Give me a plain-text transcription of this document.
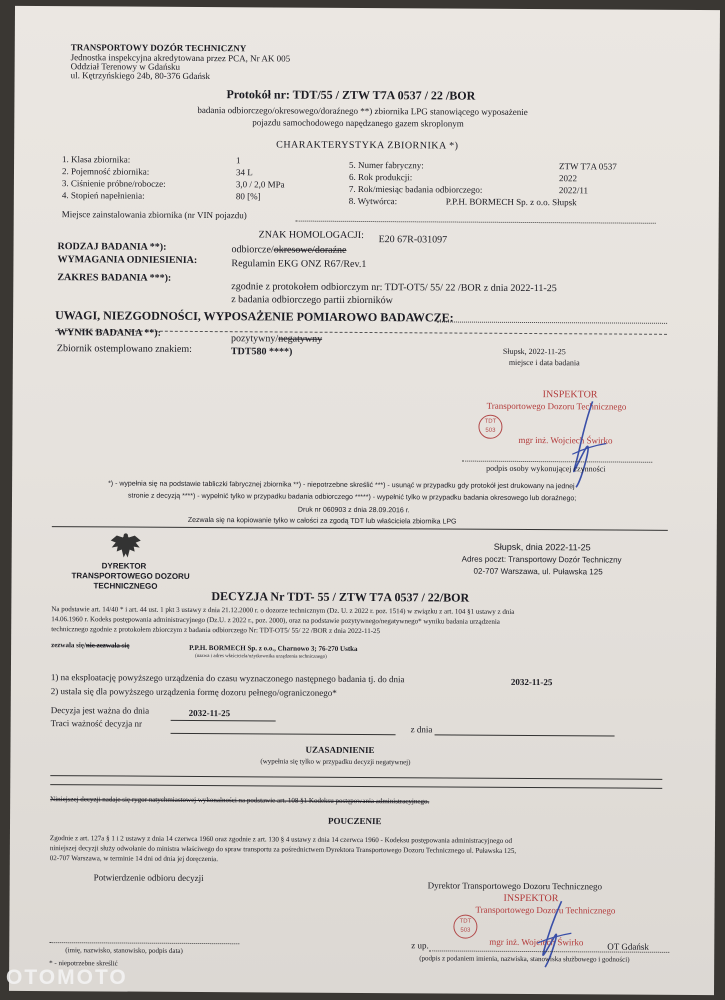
TRANSPORTOWY DOZÓR TECHNICZNY
Jednostka inspekcyjna akredytowana przez PCA, Nr AK 005
Oddział Terenowy w Gdańsku
ul. Kętrzyńskiego 24b, 80-376 Gdańsk
Protokół nr: TDT/55 / ZTW T7A 0537 / 22 /BOR
badania odbiorczego/okresowego/doraźnego **) zbiornika LPG stanowiącego wyposażenie
pojazdu samochodowego napędzanego gazem skroplonym
CHARAKTERYSTYKA ZBIORNIKA *)
1. Klasa zbiornika:	1
2. Pojemność zbiornika:	34 L
3. Ciśnienie próbne/robocze:	3,0 / 2,0 MPa
4. Stopień napełnienia:	80 [%]
5. Numer fabryczny:	ZTW T7A 0537
6. Rok produkcji:	2022
7. Rok/miesiąc badania odbiorczego:	2022/11
8. Wytwórca:	P.P.H. BORMECH Sp. z o.o. Słupsk
Miejsce zainstalowania zbiornika (nr VIN pojazdu)
ZNAK HOMOLOGACJI: E20 67R-031097
RODZAJ BADANIA **):	odbiorcze/okresowe/doraźne
WYMAGANIA ODNIESIENIA:	Regulamin EKG ONZ R67/Rev.1
ZAKRES BADANIA ***):
zgodnie z protokołem odbiorczym nr: TDT-OT5/ 55/ 22 /BOR z dnia 2022-11-25
z badania odbiorczego partii zbiorników
UWAGI, NIEZGODNOŚCI, WYPOSAŻENIE POMIAROWO BADAWCZE:
WYNIK BADANIA **):
pozytywny/negatywny
Zbiornik ostemplowano znakiem:	TDT580 ****)	Słupsk, 2022-11-25
miejsce i data badania
INSPEKTOR
Transportowego Dozoru Technicznego
TDT
503
mgr inż. Wojciech Świrko
podpis osoby wykonującej czynności
*) - wypełnia się na podstawie tabliczki fabrycznej zbiornika **) - niepotrzebne skreślić ***) - usunąć w przypadku gdy protokół jest drukowany na jednej
stronie z decyzją ****) - wypełnić tylko w przypadku badania odbiorczego *****) - wypełnić tylko w przypadku badania okresowego lub doraźnego;
Druk nr 060903 z dnia 28.09.2016 r.
Zezwala się na kopiowanie tylko w całości za zgodą TDT lub właściciela zbiornika LPG
DYREKTOR
TRANSPORTOWEGO DOZORU
TECHNICZNEGO
Słupsk, dnia 2022-11-25
Adres poczt: Transportowy Dozór Techniczny
02-707 Warszawa, ul. Puławska 125
DECYZJA Nr TDT- 55 / ZTW T7A 0537 / 22/BOR
Na podstawie art. 14/40 * i art. 44 ust. 1 pkt 3 ustawy z dnia 21.12.2000 r. o dozorze technicznym (Dz. U. z 2022 r. poz. 1514) w związku z art. 104 §1 ustawy z dnia
14.06.1960 r. Kodeks postępowania administracyjnego (Dz.U. z 2022 r., poz. 2000), oraz na podstawie pozytywnego/negatywnego* wyniku badania urządzenia
technicznego zgodnie z protokołem zbiorczym z badania odbiorczego Nr: TDT-OT5/ 55/ 22 /BOR z dnia 2022-11-25
zezwala się/nie zezwala się	P.P.H. BORMECH Sp. z o.o., Charnowo 3; 76-270 Ustka
(nazwa i adres właściciela/użytkownika urządzenia technicznego)
1) na eksploatację powyższego urządzenia do czasu wyznaczonego następnego badania tj. do dnia	2032-11-25
2) ustala się dla powyższego urządzenia formę dozoru pełnego/ograniczonego*
Decyzja jest ważna do dnia	2032-11-25
Traci ważność decyzja nr
z dnia
UZASADNIENIE
(wypełnia się tylko w przypadku decyzji negatywnej)
Niniejszej decyzji nadaje się rygor natychmiastowej wykonalności na podstawie art. 108 §1 Kodeksu postępowania administracyjnego.
POUCZENIE
Zgodnie z art. 127a § 1 i 2 ustawy z dnia 14 czerwca 1960 oraz zgodnie z art. 130 § 4 ustawy z dnia 14 czerwca 1960 - Kodeksu postępowania administracyjnego od
niniejszej decyzji służy odwołanie do ministra właściwego do spraw transportu za pośrednictwem Dyrektora Transportowego Dozoru Technicznego ul. Puławska 125,
02-707 Warszawa, w terminie 14 dni od dnia jej doręczenia.
Potwierdzenie odbioru decyzji
Dyrektor Transportowego Dozoru Technicznego
INSPEKTOR
Transportowego Dozoru Technicznego
TDT
503
mgr inż. Wojciech Świrko
(imię, nazwisko, stanowisko, podpis data)
* - niepotrzebne skreślić
z up.	OT Gdańsk
(podpis z podaniem imienia, nazwiska, stanowiska służbowego i godności)
OTOMOTO
